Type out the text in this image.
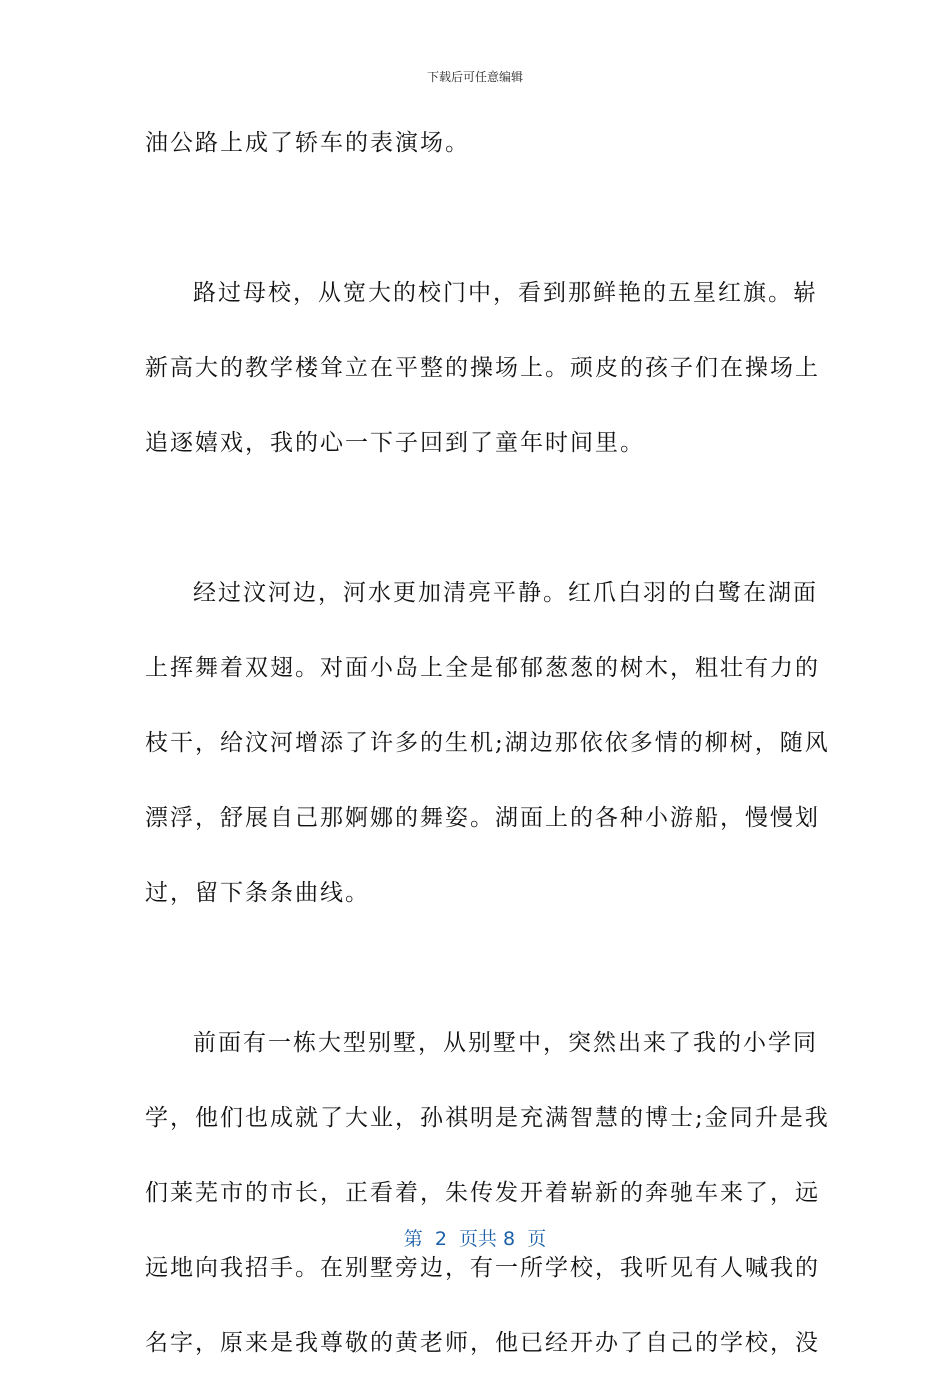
下载后可任意编辑
油公路上成了轿车的表演场。
路过母校，从宽大的校门中，看到那鲜艳的五星红旗。崭
新高大的教学楼耸立在平整的操场上。顽皮的孩子们在操场上
追逐嬉戏，我的心一下子回到了童年时间里。
经过汶河边，河水更加清亮平静。红爪白羽的白鹭在湖面
上挥舞着双翅。对面小岛上全是郁郁葱葱的树木，粗壮有力的
枝干，给汶河增添了许多的生机;湖边那依依多情的柳树，随风
漂浮，舒展自己那婀娜的舞姿。湖面上的各种小游船，慢慢划
过，留下条条曲线。
前面有一栋大型别墅，从别墅中，突然出来了我的小学同
学，他们也成就了大业，孙祺明是充满智慧的博士;金同升是我
们莱芜市的市长，正看着，朱传发开着崭新的奔驰车来了，远
远地向我招手。在别墅旁边，有一所学校，我听见有人喊我的
名字，原来是我尊敬的黄老师，他已经开办了自己的学校，没
第  2  页共 8  页
